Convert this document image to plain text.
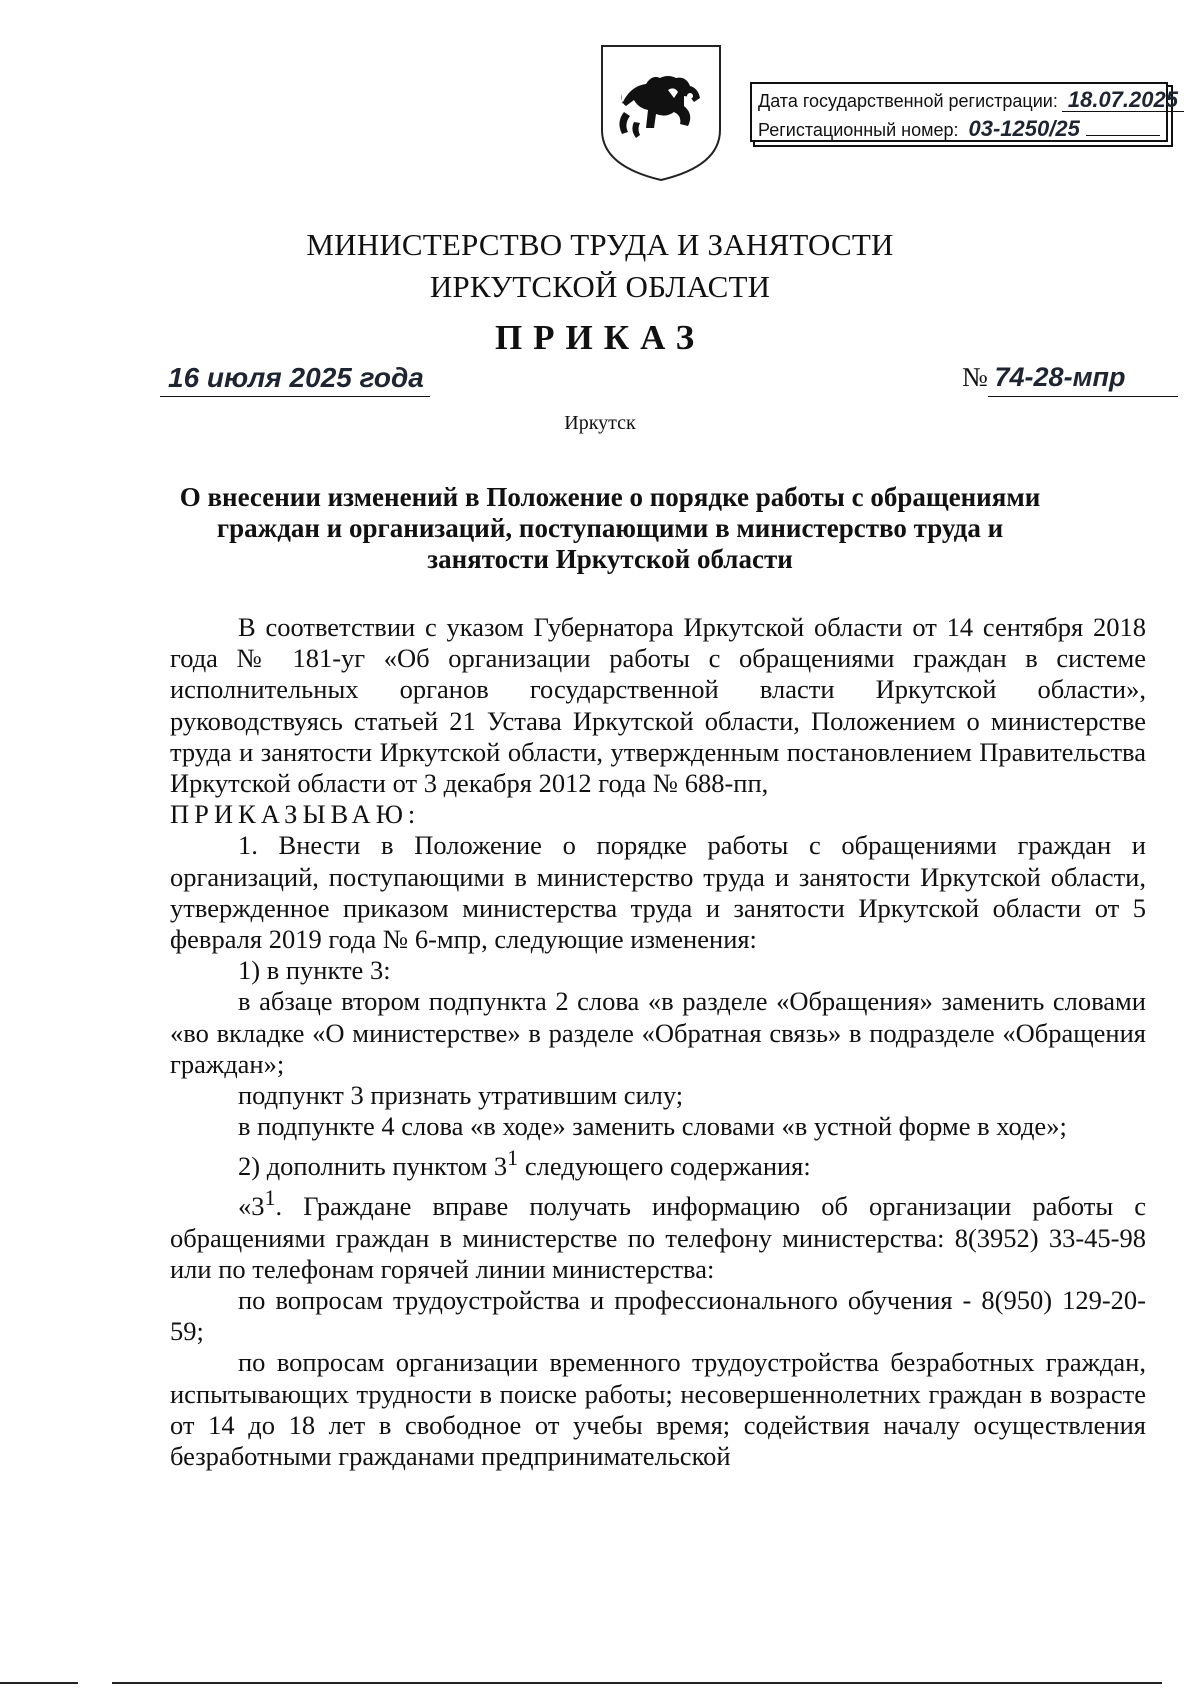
Дата государственной регистрации: 18.07.2025
Регистационный номер: 03-1250/25
МИНИСТЕРСТВО ТРУДА И ЗАНЯТОСТИ
ИРКУТСКОЙ ОБЛАСТИ
ПРИКАЗ
16 июля 2025 года	№ 74-28-мпр
Иркутск
О внесении изменений в Положение о порядке работы с обращениями граждан и организаций, поступающими в министерство труда и занятости Иркутской области

В соответствии с указом Губернатора Иркутской области от 14 сентября 2018 года № 181-уг «Об организации работы с обращениями граждан в системе исполнительных органов государственной власти Иркутской области», руководствуясь статьей 21 Устава Иркутской области, Положением о министерстве труда и занятости Иркутской области, утвержденным постановлением Правительства Иркутской области от 3 декабря 2012 года № 688-пп,

ПРИКАЗЫВАЮ:

1. Внести в Положение о порядке работы с обращениями граждан и организаций, поступающими в министерство труда и занятости Иркутской области, утвержденное приказом министерства труда и занятости Иркутской области от 5 февраля 2019 года № 6-мпр, следующие изменения:

1) в пункте 3:

в абзаце втором подпункта 2 слова «в разделе «Обращения» заменить словами «во вкладке «О министерстве» в разделе «Обратная связь» в подразделе «Обращения граждан»;

подпункт 3 признать утратившим силу;

в подпункте 4 слова «в ходе» заменить словами «в устной форме в ходе»;

2) дополнить пунктом $3^1$ следующего содержания:

«$3^1$. Граждане вправе получать информацию об организации работы с обращениями граждан в министерстве по телефону министерства: 8(3952) 33-45-98 или по телефонам горячей линии министерства:

по вопросам трудоустройства и профессионального обучения - 8(950) 129-20-59;

по вопросам организации временного трудоустройства безработных граждан, испытывающих трудности в поиске работы; несовершеннолетних граждан в возрасте от 14 до 18 лет в свободное от учебы время; содействия началу осуществления безработными гражданами предпринимательской
